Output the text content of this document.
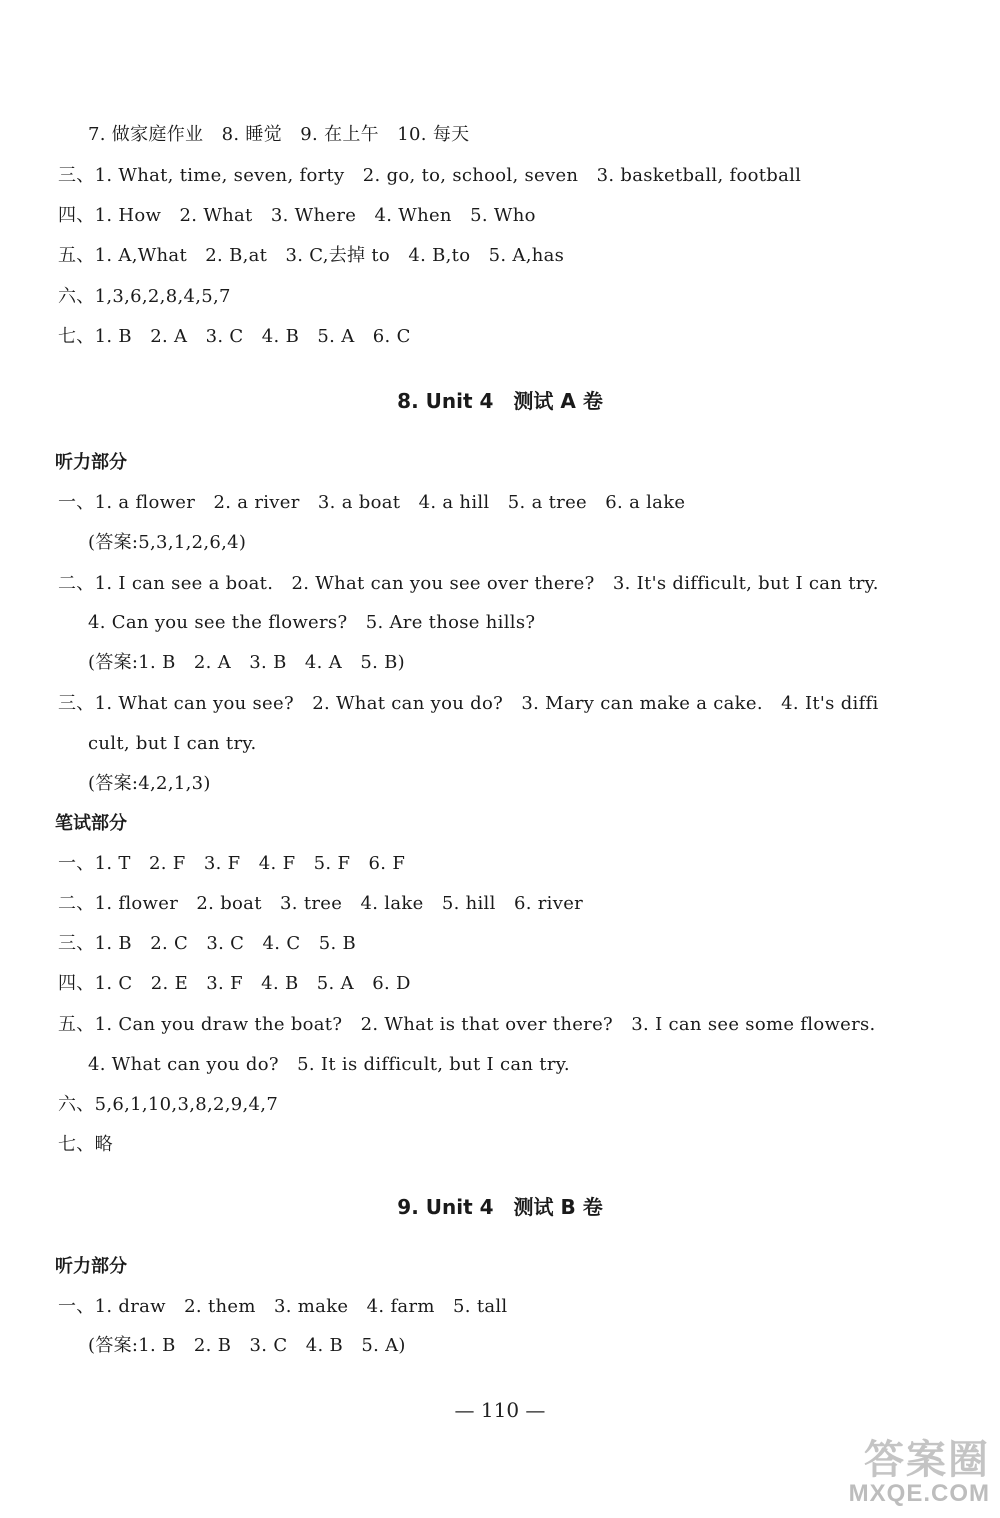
7. 做家庭作业　8. 睡觉　9. 在上午　10. 每天
三、1. What, time, seven, forty　2. go, to, school, seven　3. basketball, football
四、1. How　2. What　3. Where　4. When　5. Who
五、1. A,What　2. B,at　3. C,去掉 to　4. B,to　5. A,has
六、1,3,6,2,8,4,5,7
七、1. B　2. A　3. C　4. B　5. A　6. C
8. Unit 4　测试 A 卷
听力部分
一、1. a flower　2. a river　3. a boat　4. a hill　5. a tree　6. a lake
(答案:5,3,1,2,6,4)
二、1. I can see a boat.　2. What can you see over there?　3. It's difficult, but I can try.
4. Can you see the flowers?　5. Are those hills?
(答案:1. B　2. A　3. B　4. A　5. B)
三、1. What can you see?　2. What can you do?　3. Mary can make a cake.　4. It's diffi
cult, but I can try.
(答案:4,2,1,3)
笔试部分
一、1. T　2. F　3. F　4. F　5. F　6. F
二、1. flower　2. boat　3. tree　4. lake　5. hill　6. river
三、1. B　2. C　3. C　4. C　5. B
四、1. C　2. E　3. F　4. B　5. A　6. D
五、1. Can you draw the boat?　2. What is that over there?　3. I can see some flowers.
4. What can you do?　5. It is difficult, but I can try.
六、5,6,1,10,3,8,2,9,4,7
七、略
9. Unit 4　测试 B 卷
听力部分
一、1. draw　2. them　3. make　4. farm　5. tall
(答案:1. B　2. B　3. C　4. B　5. A)
— 110 —
答案圈
MXQE.COM
